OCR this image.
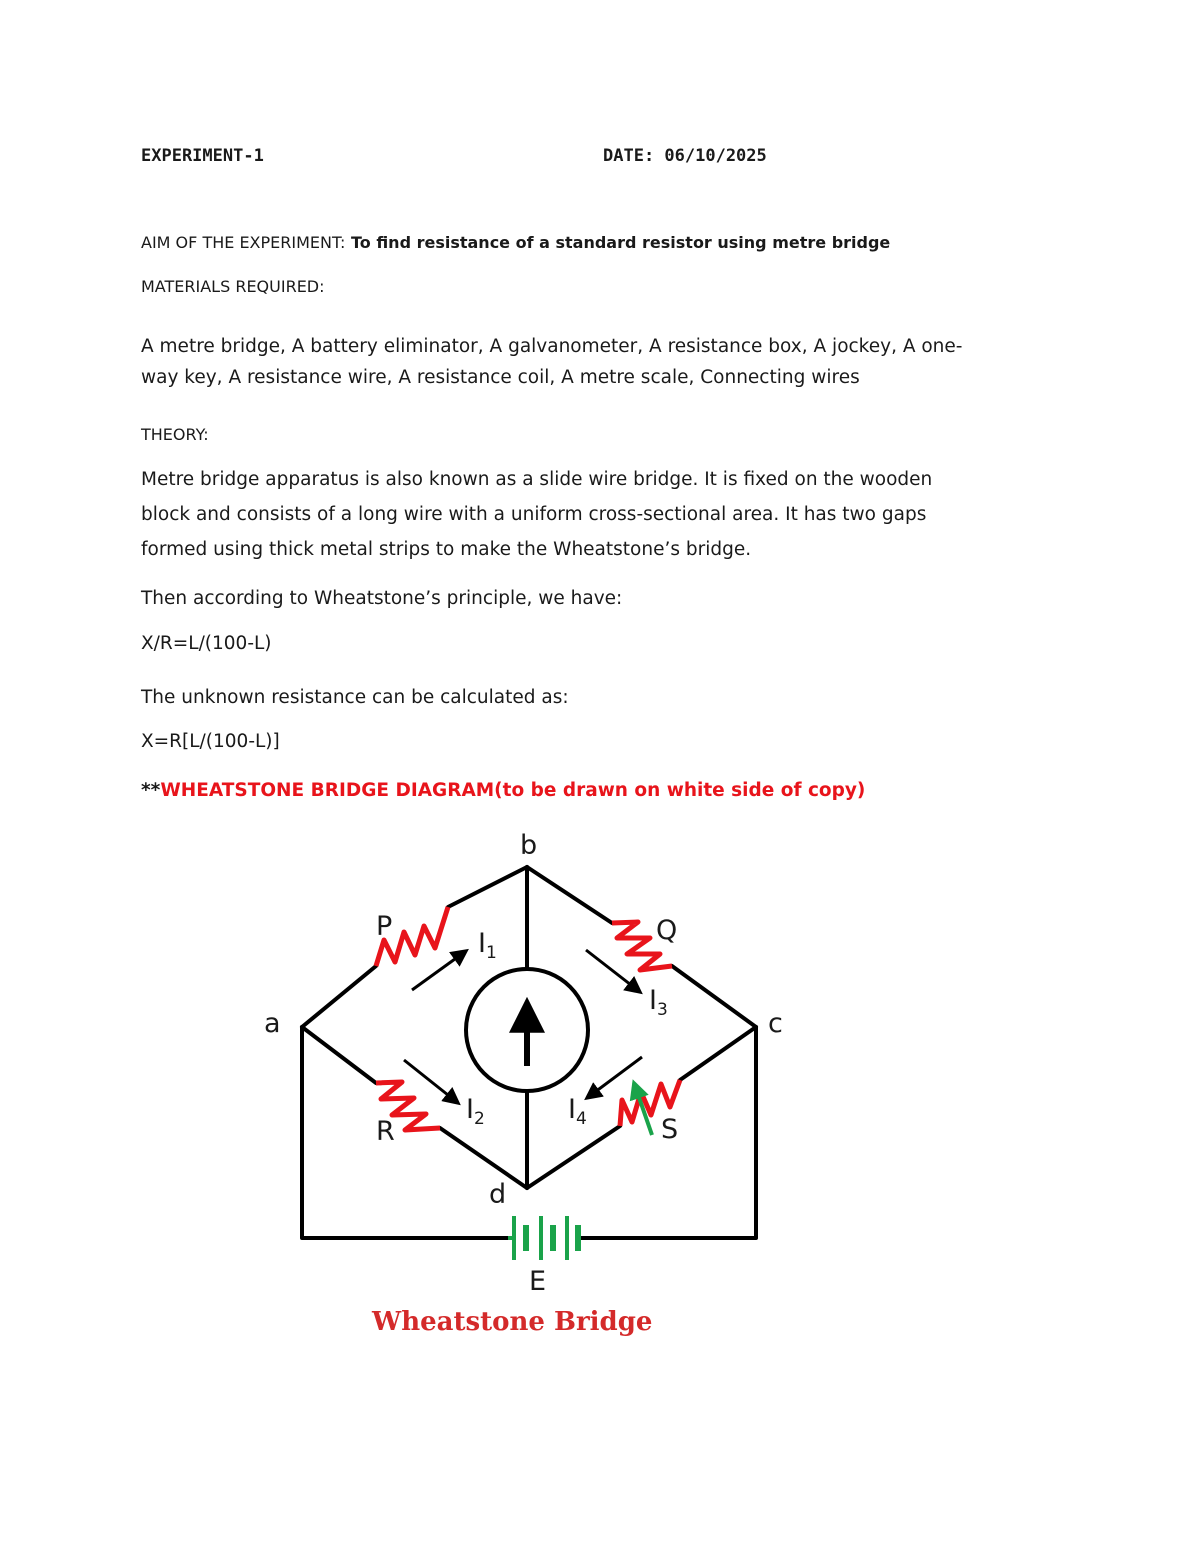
EXPERIMENT-1	DATE: 06/10/2025
AIM OF THE EXPERIMENT: To find resistance of a standard resistor using metre bridge
MATERIALS REQUIRED:
A metre bridge, A battery eliminator, A galvanometer, A resistance box, A jockey, A one-
way key, A resistance wire, A resistance coil, A metre scale, Connecting wires
THEORY:
Metre bridge apparatus is also known as a slide wire bridge. It is fixed on the wooden
block and consists of a long wire with a uniform cross-sectional area. It has two gaps
formed using thick metal strips to make the Wheatstone’s bridge.
Then according to Wheatstone’s principle, we have:
X/R=L/(100-L)
The unknown resistance can be calculated as:
X=R[L/(100-L)]
**WHEATSTONE BRIDGE DIAGRAM(to be drawn on white side of copy)
b
a	c
d
P	Q
R	S
E
$I_1$
$I_3$
$I_2$	$I_4$
Wheatstone Bridge
